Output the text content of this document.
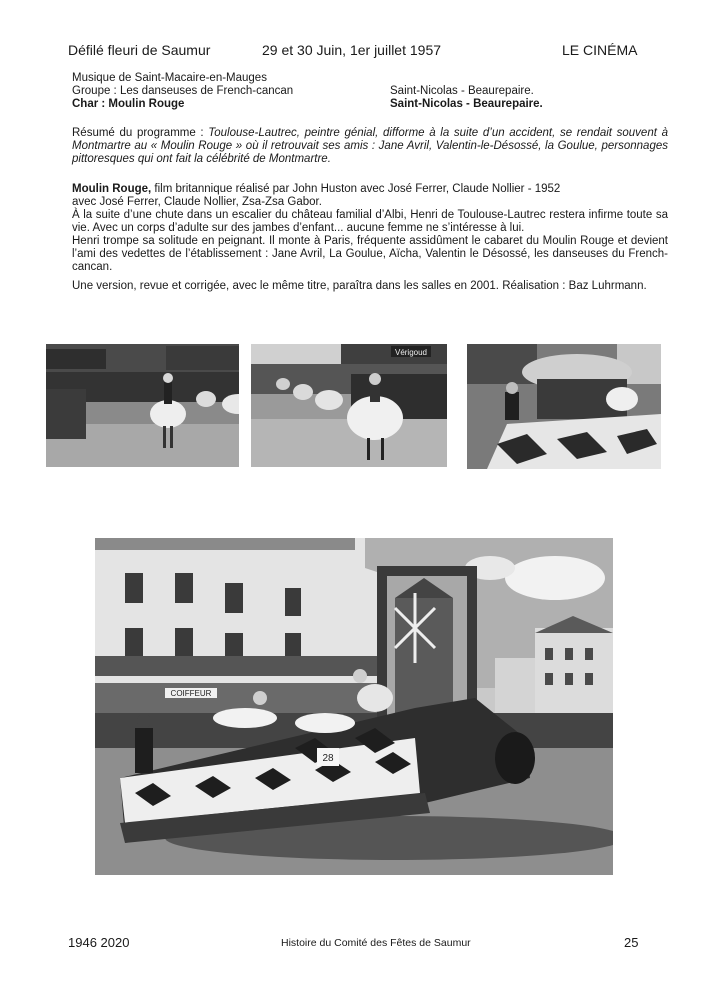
Défilé fleuri de Saumur	29 et 30 Juin, 1er juillet 1957	LE CINÉMA
Musique de Saint-Macaire-en-Mauges
Groupe : Les danseuses de French-cancan	Saint-Nicolas - Beaurepaire.
Char : Moulin Rouge	Saint-Nicolas - Beaurepaire.
Résumé du programme : Toulouse-Lautrec, peintre génial, difforme à la suite d’un accident, se rendait souvent à Montmartre au « Moulin Rouge » où il retrouvait ses amis : Jane Avril, Valentin-le-Désossé, la Goulue, personnages pittoresques qui ont fait la célébrité de Montmartre.
Moulin Rouge, film britannique réalisé par John Huston avec José Ferrer, Claude Nollier - 1952
avec José Ferrer, Claude Nollier, Zsa-Zsa Gabor.
À la suite d’une chute dans un escalier du château familial d’Albi, Henri de Toulouse-Lautrec restera infirme toute sa vie. Avec un corps d’adulte sur des jambes d’enfant... aucune femme ne s’intéresse à lui.
Henri trompe sa solitude en peignant. Il monte à Paris, fréquente assidûment le cabaret du Moulin Rouge et devient l’ami des vedettes de l’établissement : Jane Avril, La Goulue, Aïcha, Valentin le Désossé, les danseuses du French-cancan.
Une version, revue et corrigée, avec le même titre, paraîtra dans les salles en 2001. Réalisation : Baz Luhrmann.
Vérigoud
COIFFEUR
28
1946 2020	Histoire du Comité des Fêtes de Saumur	25
